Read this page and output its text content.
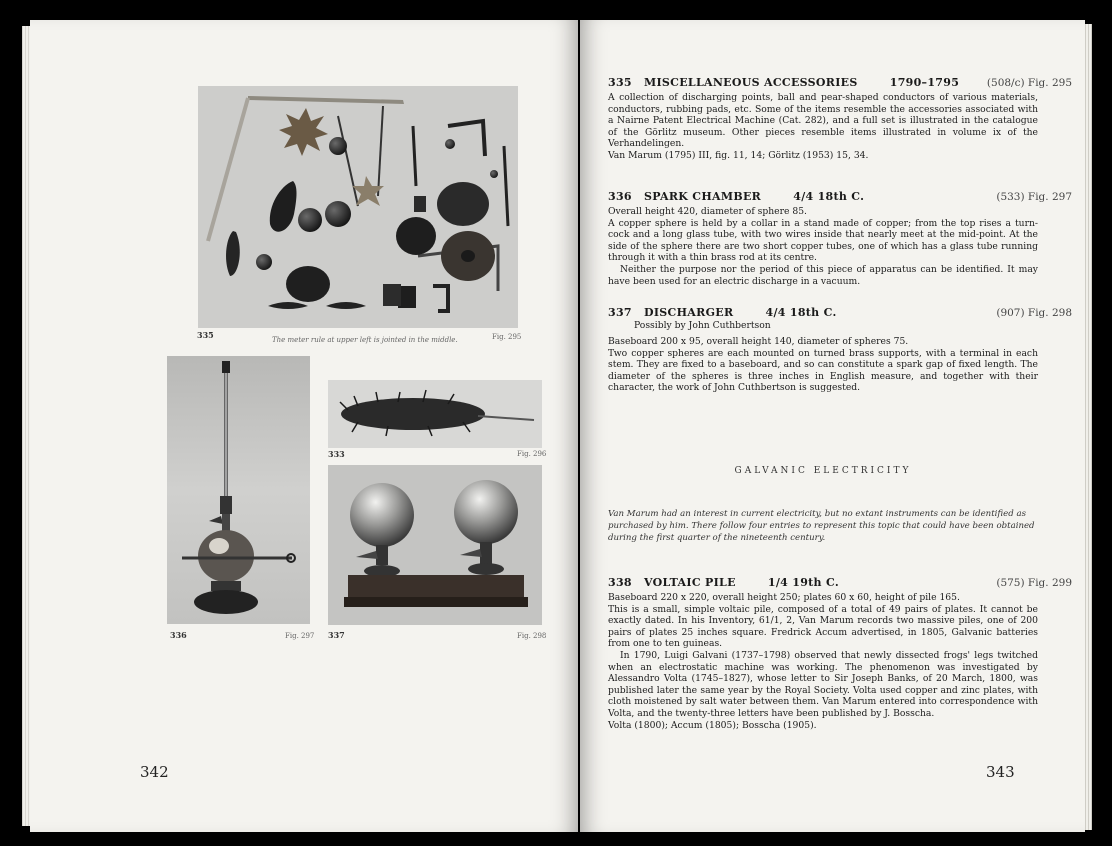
335	The meter rule at upper left is jointed in the middle.	Fig. 295
336	Fig. 297
333	Fig. 296
337	Fig. 298
342
335 MISCELLANEOUS ACCESSORIES	1790–1795	(508/c) Fig. 295

A collection of discharging points, ball and pear-shaped conductors of various materials, conductors, rubbing pads, etc. Some of the items resemble the accessories associated with a Nairne Patent Electrical Machine (Cat. 282), and a full set is illustrated in the catalogue of the Görlitz museum. Other pieces resemble items illustrated in volume ix of the Verhandelingen.

Van Marum (1795) III, fig. 11, 14; Görlitz (1953) 15, 34.

336 SPARK CHAMBER	4/4 18th C.	(533) Fig. 297

Overall height 420, diameter of sphere 85.

A copper sphere is held by a collar in a stand made of copper; from the top rises a turn-cock and a long glass tube, with two wires inside that nearly meet at the mid-point. At the side of the sphere there are two short copper tubes, one of which has a glass tube running through it with a thin brass rod at its centre.

Neither the purpose nor the period of this piece of apparatus can be identified. It may have been used for an electric discharge in a vacuum.

337 DISCHARGER	4/4 18th C.	(907) Fig. 298
Possibly by John Cuthbertson

Baseboard 200 x 95, overall height 140, diameter of spheres 75.

Two copper spheres are each mounted on turned brass supports, with a terminal in each stem. They are fixed to a baseboard, and so can constitute a spark gap of fixed length. The diameter of the spheres is three inches in English measure, and together with their character, the work of John Cuthbertson is suggested.

GALVANIC ELECTRICITY
Van Marum had an interest in current electricity, but no extant instruments can be identified as purchased by him. There follow four entries to represent this topic that could have been obtained during the first quarter of the nineteenth century.
338 VOLTAIC PILE	1/4 19th C.	(575) Fig. 299

Baseboard 220 x 220, overall height 250; plates 60 x 60, height of pile 165.

This is a small, simple voltaic pile, composed of a total of 49 pairs of plates. It cannot be exactly dated. In his Inventory, 61/1, 2, Van Marum records two massive piles, one of 200 pairs of plates 25 inches square. Fredrick Accum advertised, in 1805, Galvanic batteries from one to ten guineas.

In 1790, Luigi Galvani (1737–1798) observed that newly dissected frogs' legs twitched when an electrostatic machine was working. The phenomenon was investigated by Alessandro Volta (1745–1827), whose letter to Sir Joseph Banks, of 20 March, 1800, was published later the same year by the Royal Society. Volta used copper and zinc plates, with cloth moistened by salt water between them. Van Marum entered into correspondence with Volta, and the twenty-three letters have been published by J. Bosscha.

Volta (1800); Accum (1805); Bosscha (1905).

343
